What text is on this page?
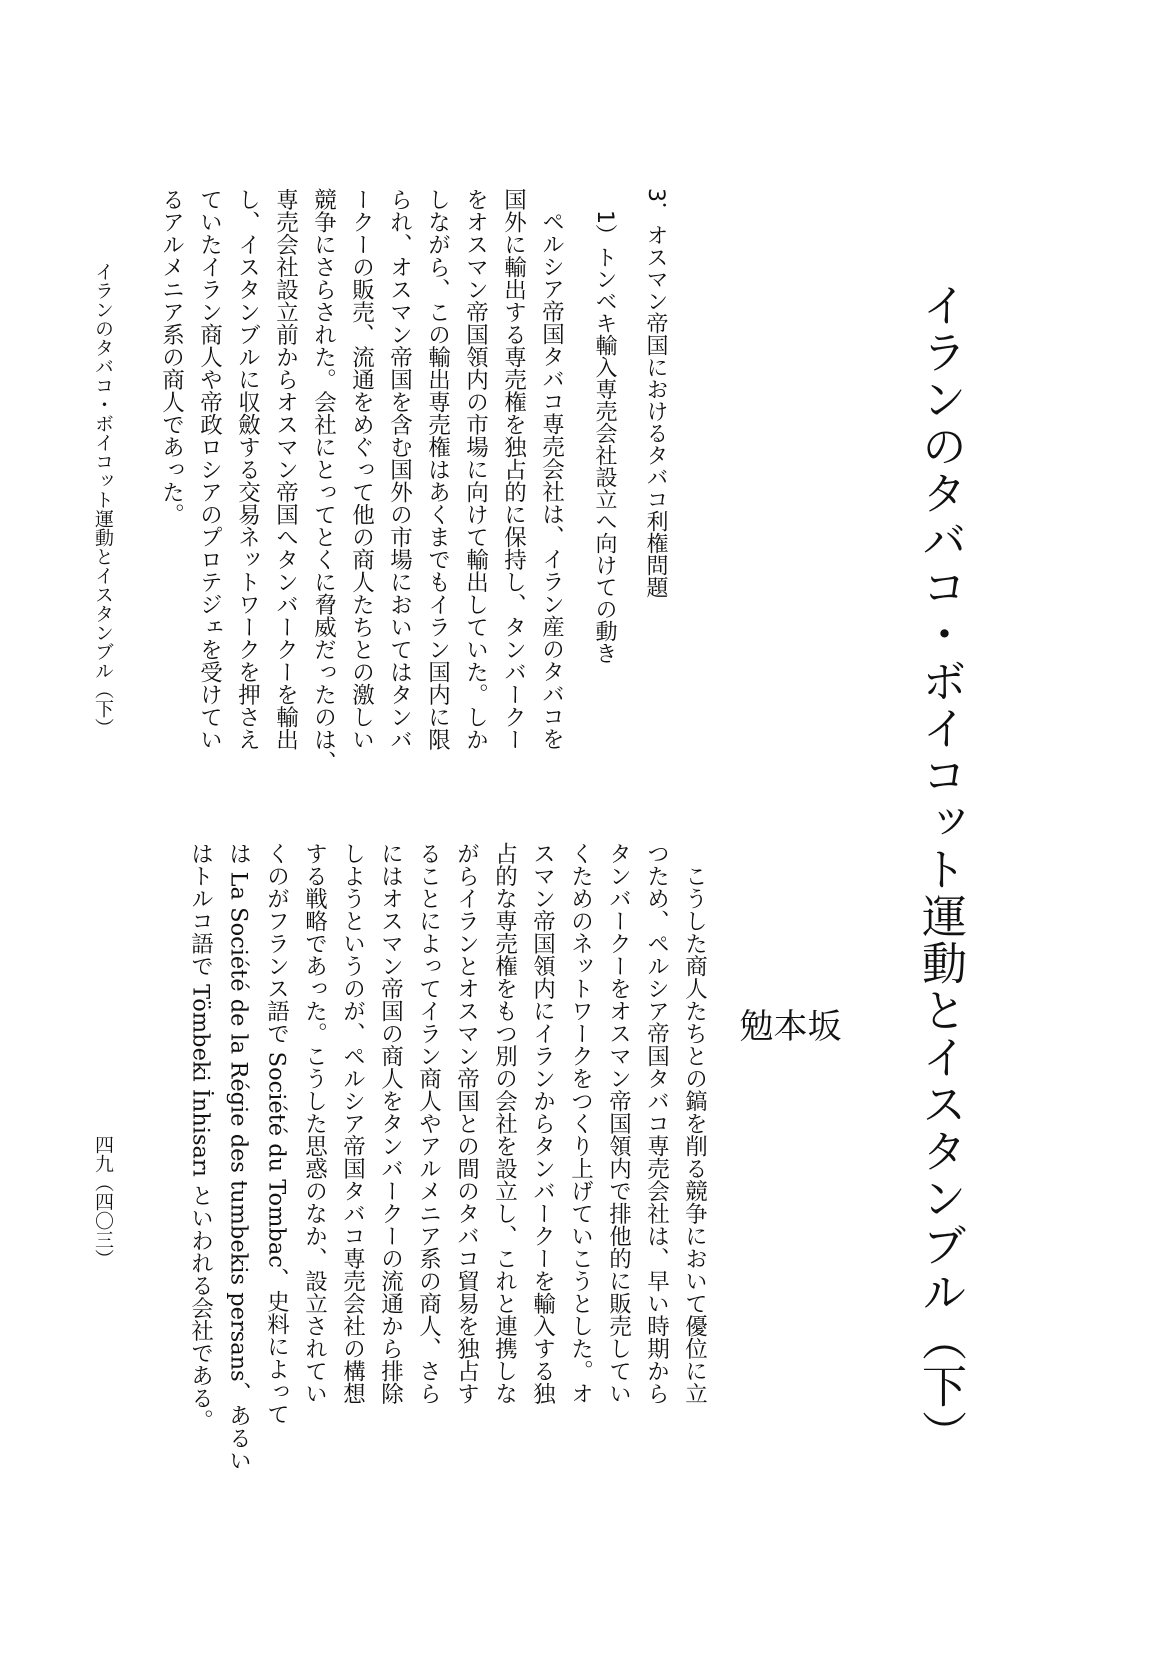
イランのタバコ・ボイコット運動とイスタンブル（下）
坂
本
勉
3．オスマン帝国におけるタバコ利権問題
1）トンベキ輸入専売会社設立へ向けての動き
ペルシア帝国タバコ専売会社は、イラン産のタバコを
国外に輸出する専売権を独占的に保持し、タンバークー
をオスマン帝国領内の市場に向けて輸出していた。しか
しながら、この輸出専売権はあくまでもイラン国内に限
られ、オスマン帝国を含む国外の市場においてはタンバ
ークーの販売、流通をめぐって他の商人たちとの激しい
競争にさらされた。会社にとってとくに脅威だったのは、
専売会社設立前からオスマン帝国へタンバークーを輸出
し、イスタンブルに収斂する交易ネットワークを押さえ
ていたイラン商人や帝政ロシアのプロテジェを受けてい
るアルメニア系の商人であった。
　こうした商人たちとの鎬を削る競争において優位に立
つため、ペルシア帝国タバコ専売会社は、早い時期から
タンバークーをオスマン帝国領内で排他的に販売してい
くためのネットワークをつくり上げていこうとした。オ
スマン帝国領内にイランからタンバークーを輸入する独
占的な専売権をもつ別の会社を設立し、これと連携しな
がらイランとオスマン帝国との間のタバコ貿易を独占す
ることによってイラン商人やアルメニア系の商人、さら
にはオスマン帝国の商人をタンバークーの流通から排除
しようというのが、ペルシア帝国タバコ専売会社の構想
する戦略であった。こうした思惑のなか、設立されてい
くのがフランス語で Société du Tombac、史料によって
は La Société de la Régie des tumbekis persans、あるい
はトルコ語で Tömbeki İnhisarı といわれる会社である。
イランのタバコ・ボイコット運動とイスタンブル（下）
四九（四〇三）
